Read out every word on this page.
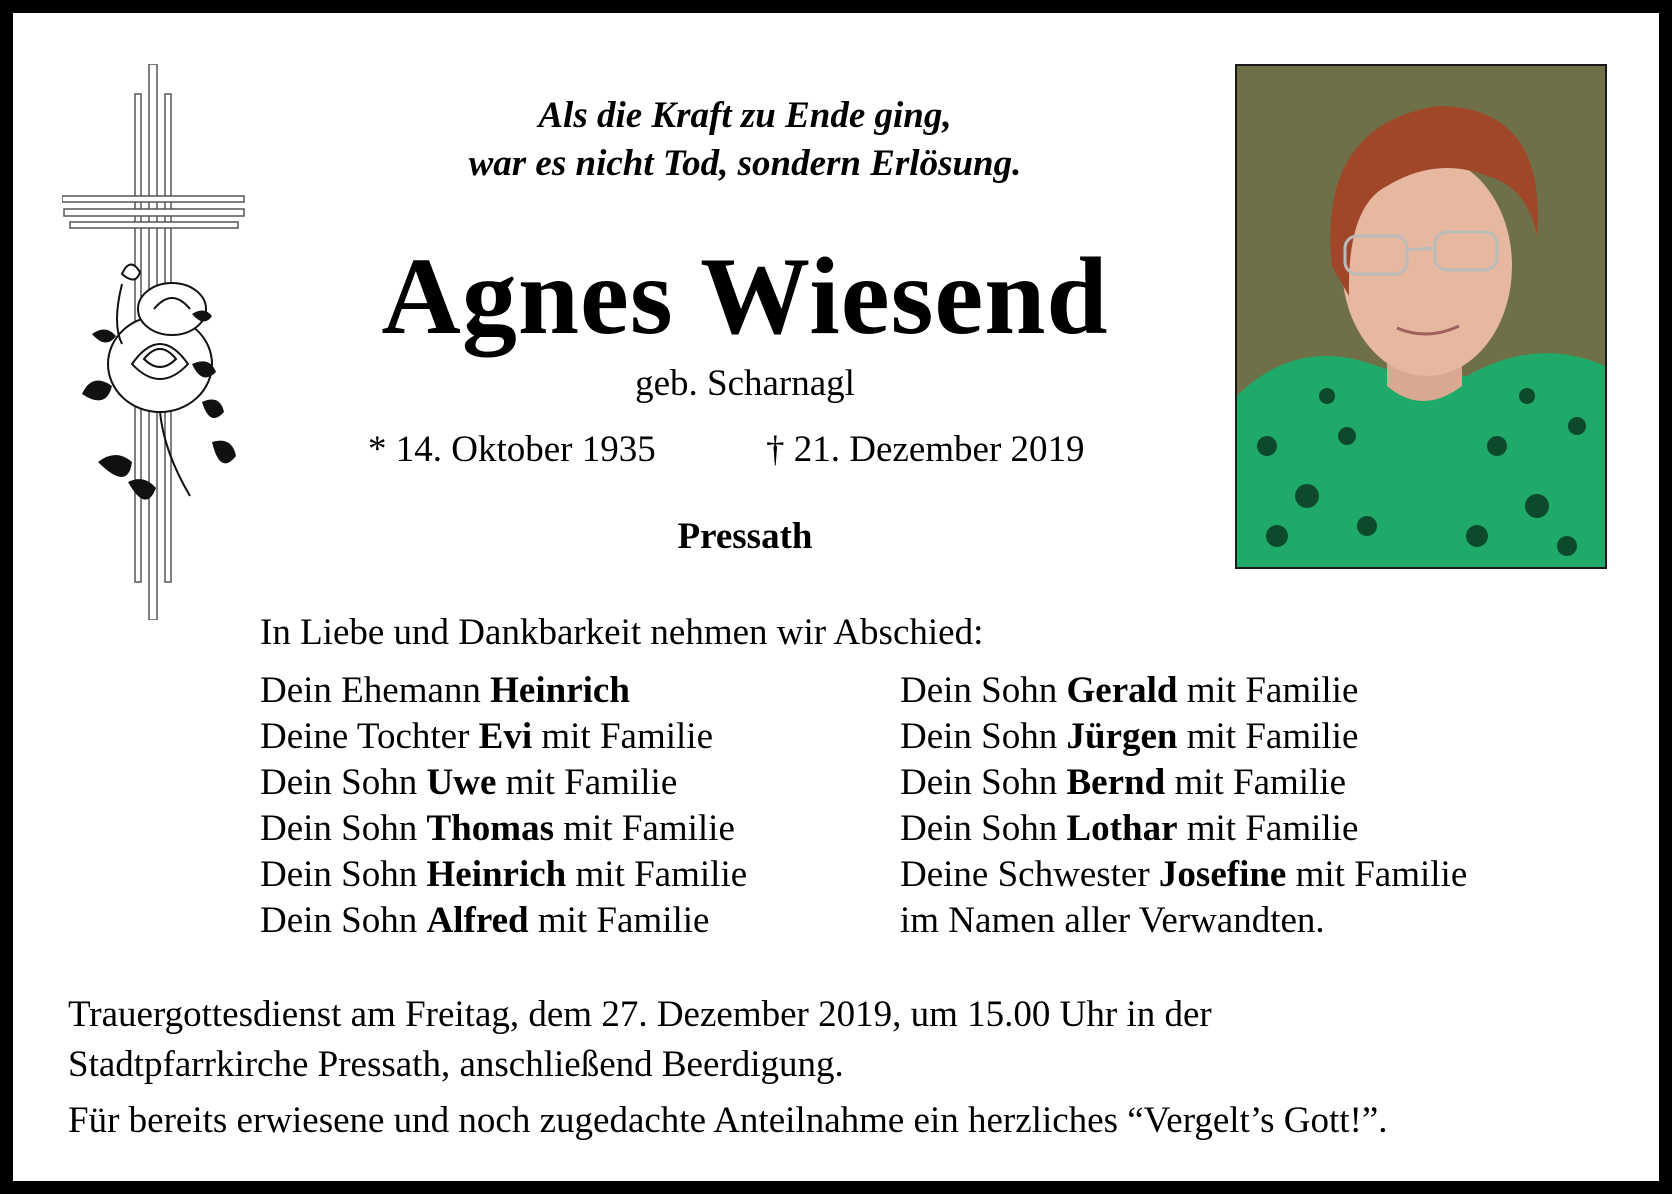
Als die Kraft zu Ende ging,
war es nicht Tod, sondern Erlösung.
Agnes Wiesend
geb. Scharnagl
* 14. Oktober 1935	† 21. Dezember 2019
Pressath
In Liebe und Dankbarkeit nehmen wir Abschied:
Dein Ehemann Heinrich
Deine Tochter Evi mit Familie
Dein Sohn Uwe mit Familie
Dein Sohn Thomas mit Familie
Dein Sohn Heinrich mit Familie
Dein Sohn Alfred mit Familie
Dein Sohn Gerald mit Familie
Dein Sohn Jürgen mit Familie
Dein Sohn Bernd mit Familie
Dein Sohn Lothar mit Familie
Deine Schwester Josefine mit Familie
im Namen aller Verwandten.
Trauergottesdienst am Freitag, dem 27. Dezember 2019, um 15.00 Uhr in der
Stadtpfarrkirche Pressath, anschließend Beerdigung.
Für bereits erwiesene und noch zugedachte Anteilnahme ein herzliches “Vergelt’s Gott!”.
